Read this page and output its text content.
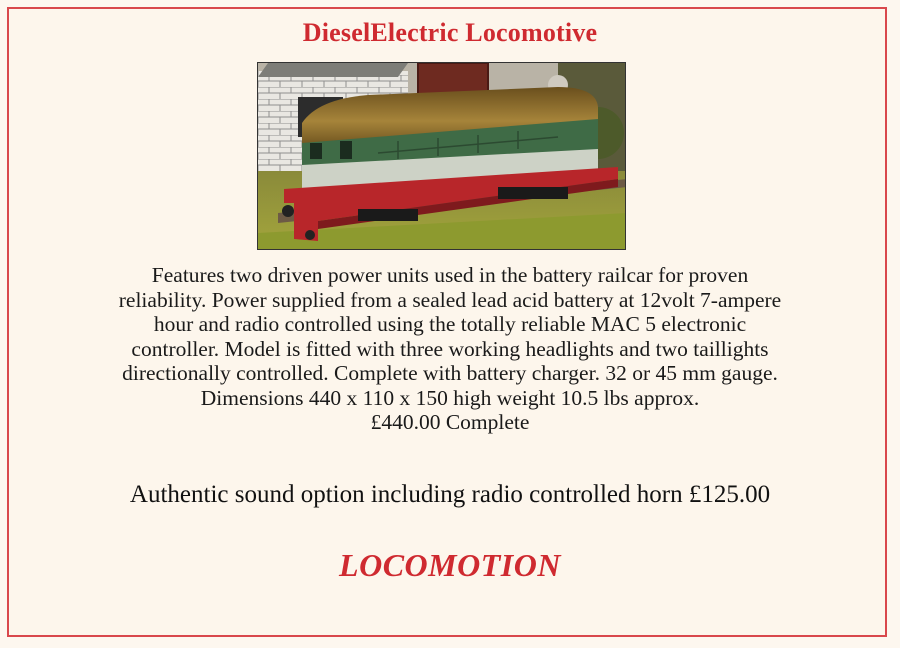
DieselElectric Locomotive

Features two driven power units used in the battery railcar for proven

reliability. Power supplied from a sealed lead acid battery at 12volt 7-ampere

hour and radio controlled using the totally reliable MAC 5 electronic

controller. Model is fitted with three working headlights and two taillights

directionally controlled. Complete with battery charger. 32 or 45 mm gauge.

Dimensions 440 x 110 x 150 high weight 10.5 lbs approx.

£440.00 Complete

Authentic sound option including radio controlled horn £125.00
LOCOMOTION
